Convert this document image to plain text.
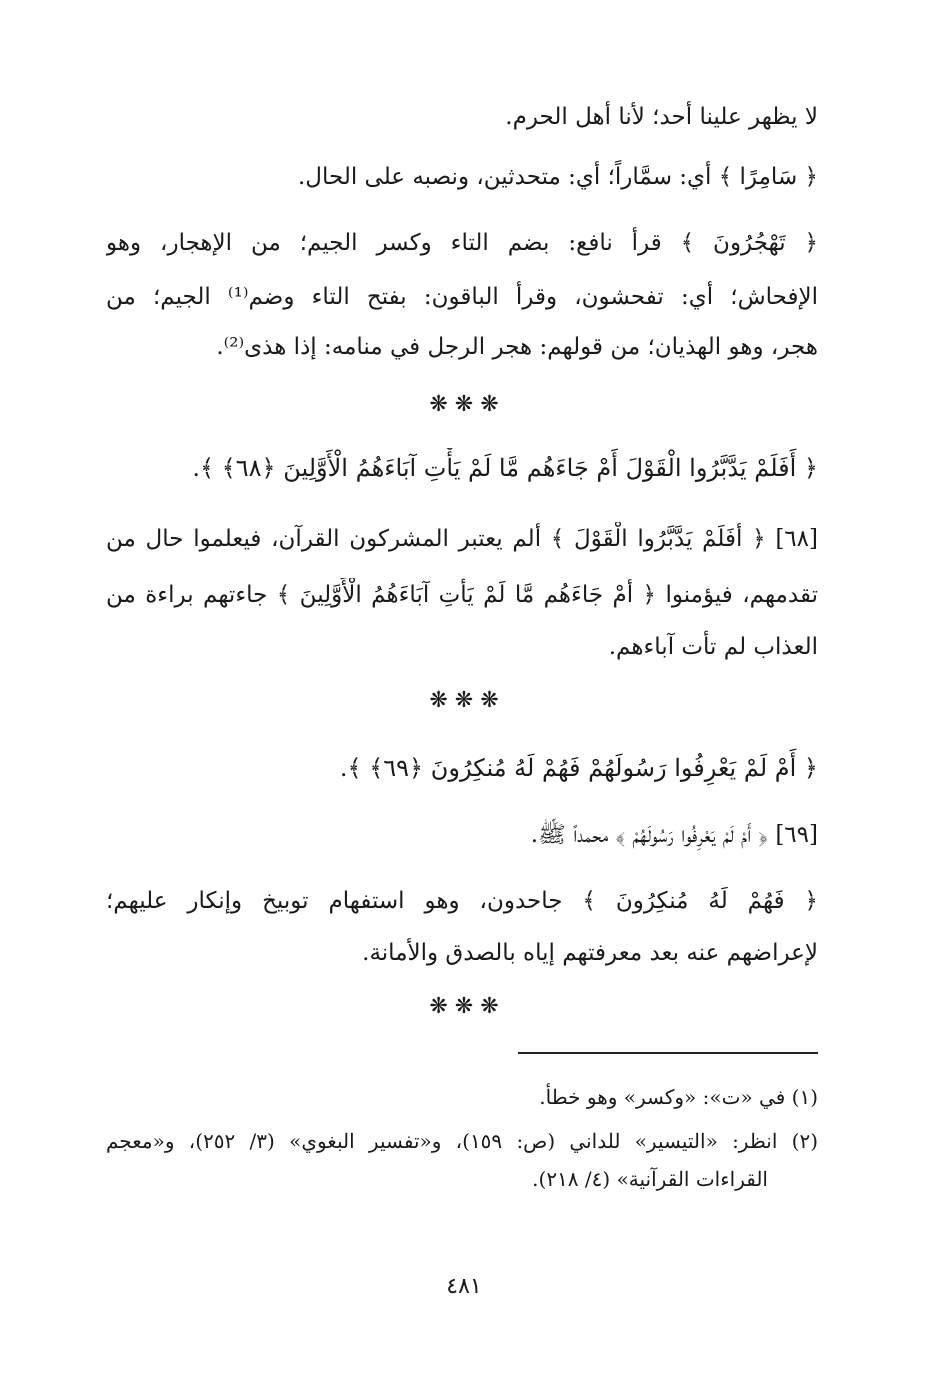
لا يظهر علينا أحد؛ لأنا أهل الحرم.
﴿ سَامِرًا ﴾ أي: سمَّاراً؛ أي: متحدثين، ونصبه على الحال.
﴿ تَهْجُرُونَ ﴾ قرأ نافع: بضم التاء وكسر الجيم؛ من الإهجار، وهو
الإفحاش؛ أي: تفحشون، وقرأ الباقون: بفتح التاء وضم⁽¹⁾ الجيم؛ من
هجر، وهو الهذيان؛ من قولهم: هجر الرجل في منامه: إذا هذى⁽²⁾.
❋ ❋ ❋
﴿ أَفَلَمْ يَدَّبَّرُوا الْقَوْلَ أَمْ جَاءَهُم مَّا لَمْ يَأْتِ آبَاءَهُمُ الْأَوَّلِينَ ﴿٦٨﴾ ﴾.
[٦٨] ﴿ أَفَلَمْ يَدَّبَّرُوا الْقَوْلَ ﴾ ألم يعتبر المشركون القرآن، فيعلموا حال من
تقدمهم، فيؤمنوا ﴿ أَمْ جَاءَهُم مَّا لَمْ يَأْتِ آبَاءَهُمُ الْأَوَّلِينَ ﴾ جاءتهم براءة من
العذاب لم تأت آباءهم.
❋ ❋ ❋
﴿ أَمْ لَمْ يَعْرِفُوا رَسُولَهُمْ فَهُمْ لَهُ مُنكِرُونَ ﴿٦٩﴾ ﴾.
[٦٩] ﴿ أَمْ لَمْ يَعْرِفُوا رَسُولَهُمْ ﴾ محمداً ﷺ.
﴿ فَهُمْ لَهُ مُنكِرُونَ ﴾ جاحدون، وهو استفهام توبيخ وإنكار عليهم؛
لإعراضهم عنه بعد معرفتهم إياه بالصدق والأمانة.
❋ ❋ ❋
(١) في «ت»: «وكسر» وهو خطأ.
(٢) انظر: «التيسير» للداني (ص: ١٥٩)، و«تفسير البغوي» (٣/ ٢٥٢)، و«معجم
القراءات القرآنية» (٤/ ٢١٨).
٤٨١
